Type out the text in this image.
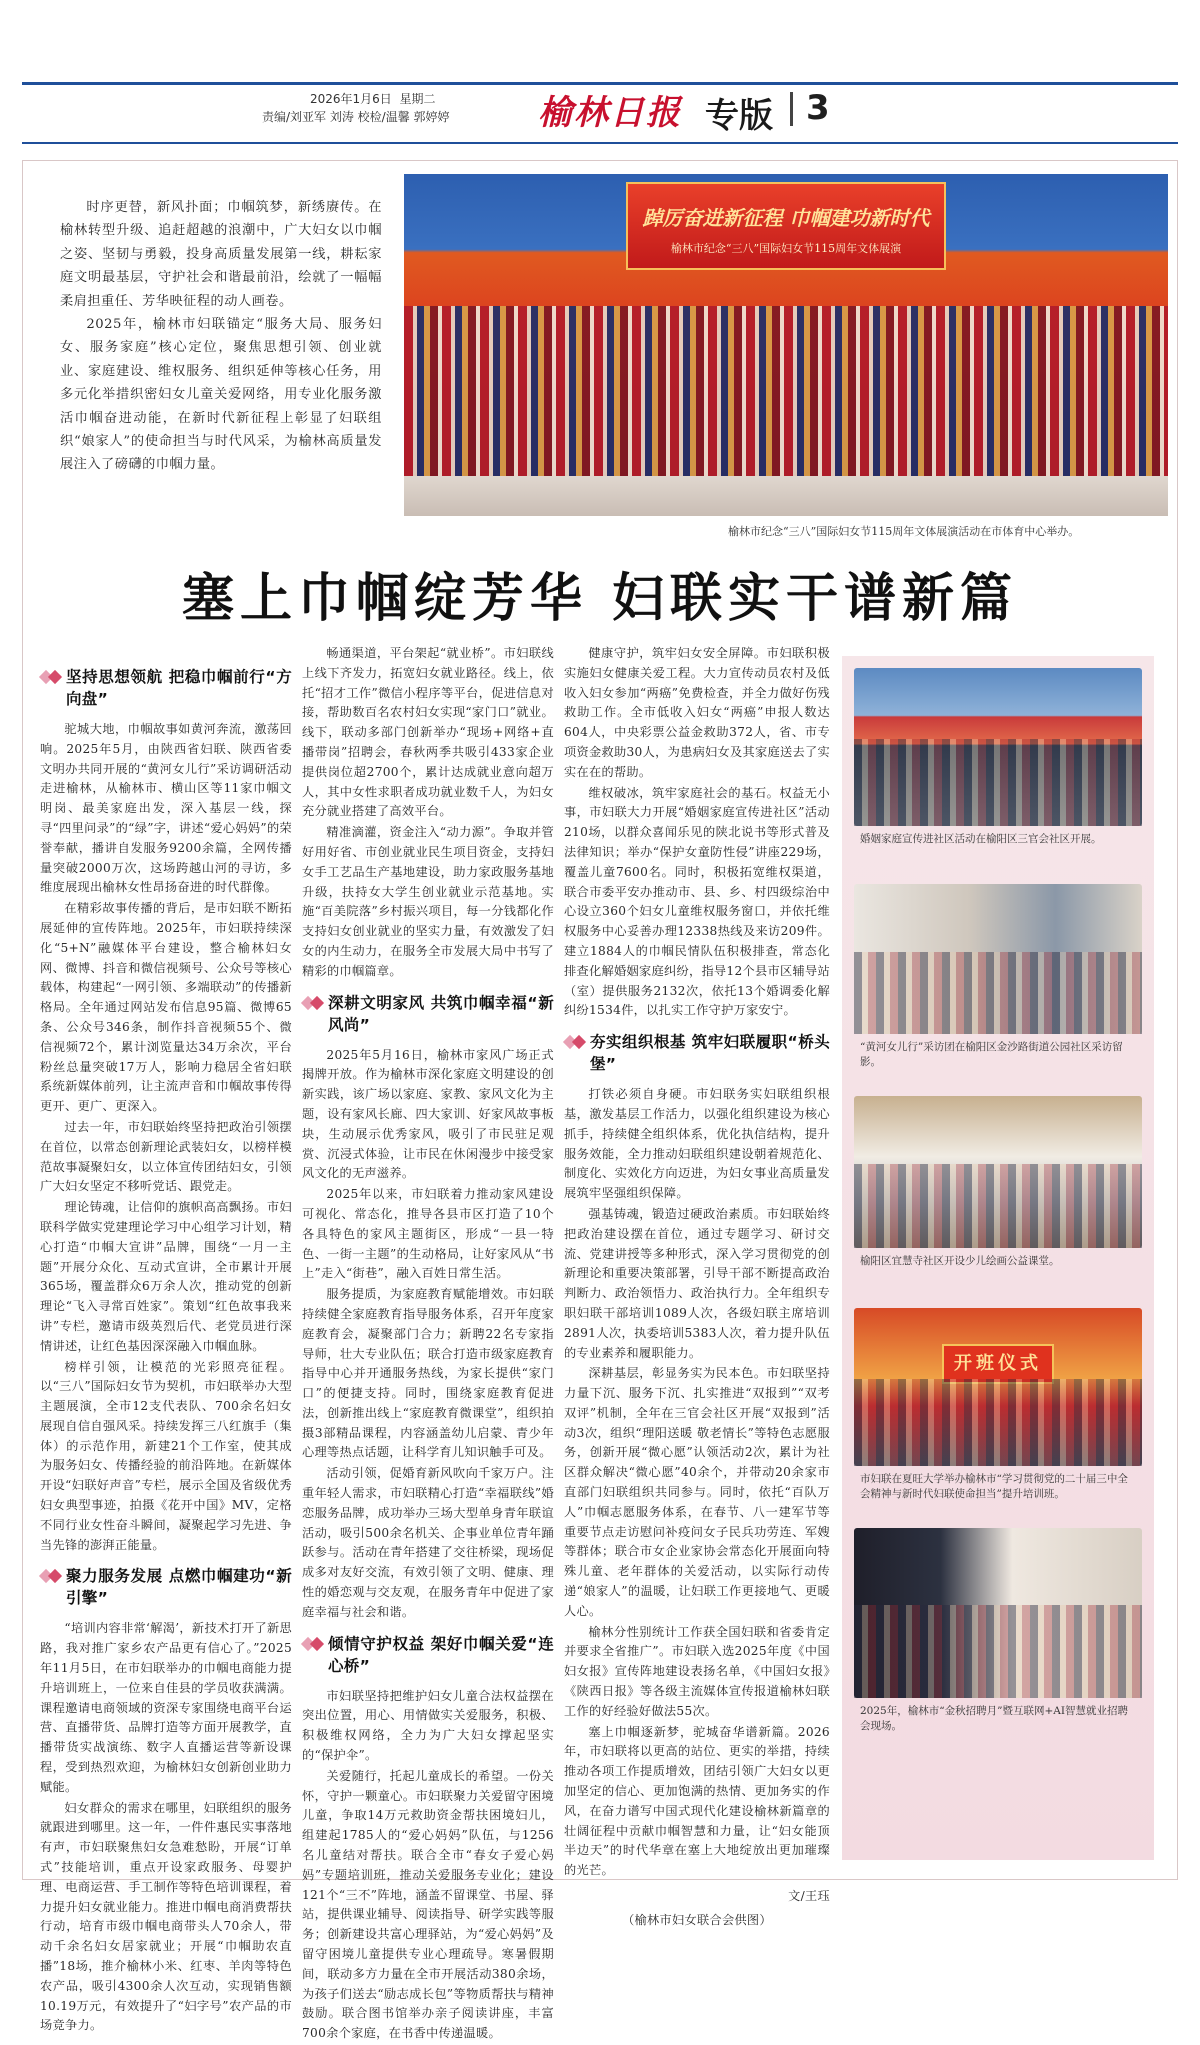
2026年1月6日 星期二
责编/刘亚军 刘涛 校检/温馨 郭婷婷	榆林日报 专版 3

时序更替，新风扑面；巾帼筑梦，新绣赓传。在榆林转型升级、追赶超越的浪潮中，广大妇女以巾帼之姿、坚韧与勇毅，投身高质量发展第一线，耕耘家庭文明最基层，守护社会和谐最前沿，绘就了一幅幅柔肩担重任、芳华映征程的动人画卷。

2025年，榆林市妇联锚定“服务大局、服务妇女、服务家庭”核心定位，聚焦思想引领、创业就业、家庭建设、维权服务、组织延伸等核心任务，用多元化举措织密妇女儿童关爱网络，用专业化服务激活巾帼奋进动能，在新时代新征程上彰显了妇联组织“娘家人”的使命担当与时代风采，为榆林高质量发展注入了磅礴的巾帼力量。

踔厉奋进新征程 巾帼建功新时代
榆林市纪念“三八”国际妇女节115周年文体展演
榆林市纪念“三八”国际妇女节115周年文体展演活动在市体育中心举办。
塞上巾帼绽芳华 妇联实干谱新篇
坚持思想领航 把稳巾帼前行“方向盘”

驼城大地，巾帼故事如黄河奔流，激荡回响。2025年5月，由陕西省妇联、陕西省委文明办共同开展的“黄河女儿行”采访调研活动走进榆林，从榆林市、横山区等11家巾帼文明岗、最美家庭出发，深入基层一线，探寻“四里问录”的“绿”字，讲述“爱心妈妈”的荣誉奉献，播讲自发服务9200余篇，全网传播量突破2000万次，这场跨越山河的寻访，多维度展现出榆林女性昂扬奋进的时代群像。

在精彩故事传播的背后，是市妇联不断拓展延伸的宣传阵地。2025年，市妇联持续深化“5+N”融媒体平台建设，整合榆林妇女网、微博、抖音和微信视频号、公众号等核心载体，构建起“一网引领、多端联动”的传播新格局。全年通过网站发布信息95篇、微博65条、公众号346条，制作抖音视频55个、微信视频72个，累计浏览量达34万余次，平台粉丝总量突破17万人，影响力稳居全省妇联系统新媒体前列，让主流声音和巾帼故事传得更开、更广、更深入。

过去一年，市妇联始终坚持把政治引领摆在首位，以常态创新理论武装妇女，以榜样模范故事凝聚妇女，以立体宣传团结妇女，引领广大妇女坚定不移听党话、跟党走。

理论铸魂，让信仰的旗帜高高飘扬。市妇联科学做实党建理论学习中心组学习计划，精心打造“巾帼大宣讲”品牌，围绕“一月一主题”开展分众化、互动式宣讲，全市累计开展365场，覆盖群众6万余人次，推动党的创新理论“飞入寻常百姓家”。策划“红色故事我来讲”专栏，邀请市级英烈后代、老党员进行深情讲述，让红色基因深深融入巾帼血脉。

榜样引领，让模范的光彩照亮征程。以“三八”国际妇女节为契机，市妇联举办大型主题展演，全市12支代表队、700余名妇女展现自信自强风采。持续发挥三八红旗手（集体）的示范作用，新建21个工作室，使其成为服务妇女、传播经验的前沿阵地。在新媒体开设“妇联好声音”专栏，展示全国及省级优秀妇女典型事迹，拍摄《花开中国》MV，定格不同行业女性奋斗瞬间，凝聚起学习先进、争当先锋的澎湃正能量。

聚力服务发展 点燃巾帼建功“新引擎”

“培训内容非常‘解渴’，新技术打开了新思路，我对推广家乡农产品更有信心了。”2025年11月5日，在市妇联举办的巾帼电商能力提升培训班上，一位来自佳县的学员收获满满。课程邀请电商领域的资深专家围绕电商平台运营、直播带货、品牌打造等方面开展教学，直播带货实战演练、数字人直播运营等新设课程，受到热烈欢迎，为榆林妇女创新创业助力赋能。

妇女群众的需求在哪里，妇联组织的服务就跟进到哪里。这一年，一件件惠民实事落地有声，市妇联聚焦妇女急难愁盼，开展“订单式”技能培训，重点开设家政服务、母婴护理、电商运营、手工制作等特色培训课程，着力提升妇女就业能力。推进巾帼电商消费帮扶行动，培育市级巾帼电商带头人70余人，带动千余名妇女居家就业；开展“巾帼助农直播”18场，推介榆林小米、红枣、羊肉等特色农产品，吸引4300余人次互动，实现销售额10.19万元，有效提升了“妇字号”农产品的市场竞争力。

畅通渠道，平台架起“就业桥”。市妇联线上线下齐发力，拓宽妇女就业路径。线上，依托“招才工作”微信小程序等平台，促进信息对接，帮助数百名农村妇女实现“家门口”就业。线下，联动多部门创新举办“现场+网络+直播带岗”招聘会，春秋两季共吸引433家企业提供岗位超2700个，累计达成就业意向超万人，其中女性求职者成功就业数千人，为妇女充分就业搭建了高效平台。

精准滴灌，资金注入“动力源”。争取并管好用好省、市创业就业民生项目资金，支持妇女手工艺品生产基地建设，助力家政服务基地升级，扶持女大学生创业就业示范基地。实施“百美院落”乡村振兴项目，每一分钱都化作支持妇女创业就业的坚实力量，有效激发了妇女的内生动力，在服务全市发展大局中书写了精彩的巾帼篇章。

深耕文明家风 共筑巾帼幸福“新风尚”

2025年5月16日，榆林市家风广场正式揭牌开放。作为榆林市深化家庭文明建设的创新实践，该广场以家庭、家教、家风文化为主题，设有家风长廊、四大家训、好家风故事板块，生动展示优秀家风，吸引了市民驻足观赏、沉浸式体验，让市民在休闲漫步中接受家风文化的无声滋养。

2025年以来，市妇联着力推动家风建设可视化、常态化，推导各县市区打造了10个各具特色的家风主题街区，形成“一县一特色、一街一主题”的生动格局，让好家风从“书上”走入“街巷”，融入百姓日常生活。

服务提质，为家庭教育赋能增效。市妇联持续健全家庭教育指导服务体系，召开年度家庭教育会，凝聚部门合力；新聘22名专家指导师，壮大专业队伍；联合打造市级家庭教育指导中心并开通服务热线，为家长提供“家门口”的便捷支持。同时，围绕家庭教育促进法，创新推出线上“家庭教育微课堂”，组织拍摄3部精品课程，内容涵盖幼儿启蒙、青少年心理等热点话题，让科学育儿知识触手可及。

活动引领，促婚育新风吹向千家万户。注重年轻人需求，市妇联精心打造“幸福联线”婚恋服务品牌，成功举办三场大型单身青年联谊活动，吸引500余名机关、企事业单位青年踊跃参与。活动在青年搭建了交往桥梁，现场促成多对友好交流，有效引领了文明、健康、理性的婚恋观与交友观，在服务青年中促进了家庭幸福与社会和谐。

倾情守护权益 架好巾帼关爱“连心桥”

市妇联坚持把维护妇女儿童合法权益摆在突出位置，用心、用情做实关爱服务，积极、积极维权网络，全力为广大妇女撑起坚实的“保护伞”。

关爱随行，托起儿童成长的希望。一份关怀，守护一颗童心。市妇联聚力关爱留守困境儿童，争取14万元救助资金帮扶困境妇儿，组建起1785人的“爱心妈妈”队伍，与1256名儿童结对帮扶。联合全市“春女子爱心妈妈”专题培训班，推动关爱服务专业化；建设121个“三不”阵地，涵盖不留课堂、书屋、驿站，提供课业辅导、阅读指导、研学实践等服务；创新建设共富心理驿站，为“爱心妈妈”及留守困境儿童提供专业心理疏导。寒暑假期间，联动多方力量在全市开展活动380余场，为孩子们送去“励志成长包”等物质帮扶与精神鼓励。联合图书馆举办亲子阅读讲座，丰富700余个家庭，在书香中传递温暖。

健康守护，筑牢妇女安全屏障。市妇联积极实施妇女健康关爱工程。大力宣传动员农村及低收入妇女参加“两癌”免费检查，并全力做好伤残救助工作。全市低收入妇女“两癌”申报人数达604人，中央彩票公益金救助372人，省、市专项资金救助30人，为患病妇女及其家庭送去了实实在在的帮助。

维权破冰，筑牢家庭社会的基石。权益无小事，市妇联大力开展“婚姻家庭宣传进社区”活动210场，以群众喜闻乐见的陕北说书等形式普及法律知识；举办“保护女童防性侵”讲座229场，覆盖儿童7600名。同时，积极拓宽维权渠道，联合市委平安办推动市、县、乡、村四级综治中心设立360个妇女儿童维权服务窗口，并依托维权服务中心妥善办理12338热线及来访209件。建立1884人的巾帼民情队伍积极排查，常态化排查化解婚姻家庭纠纷，指导12个县市区辅导站（室）提供服务2132次，依托13个婚调委化解纠纷1534件，以扎实工作守护万家安宁。

夯实组织根基 筑牢妇联履职“桥头堡”

打铁必须自身硬。市妇联务实妇联组织根基，激发基层工作活力，以强化组织建设为核心抓手，持续健全组织体系，优化执信结构，提升服务效能，全力推动妇联组织建设朝着规范化、制度化、实效化方向迈进，为妇女事业高质量发展筑牢坚强组织保障。

强基铸魂，锻造过硬政治素质。市妇联始终把政治建设摆在首位，通过专题学习、研讨交流、党建讲授等多种形式，深入学习贯彻党的创新理论和重要决策部署，引导干部不断提高政治判断力、政治领悟力、政治执行力。全年组织专职妇联干部培训1089人次，各级妇联主席培训2891人次，执委培训5383人次，着力提升队伍的专业素养和履职能力。

深耕基层，彰显务实为民本色。市妇联坚持力量下沉、服务下沉、扎实推进“双报到”“双考双评”机制，全年在三官会社区开展“双报到”活动3次，组织“理阳送暖 敬老情长”等特色志愿服务，创新开展“微心愿”认领活动2次，累计为社区群众解决“微心愿”40余个，并带动20余家市直部门妇联组织共同参与。同时，依托“百队万人”巾帼志愿服务体系，在春节、八一建军节等重要节点走访慰问补疫问女子民兵功劳连、军嫂等群体；联合市女企业家协会常态化开展面向特殊儿童、老年群体的关爱活动，以实际行动传递“娘家人”的温暖，让妇联工作更接地气、更暖人心。

榆林分性别统计工作获全国妇联和省委肯定并要求全省推广”。市妇联入选2025年度《中国妇女报》宣传阵地建设表扬名单，《中国妇女报》《陕西日报》等各级主流媒体宣传报道榆林妇联工作的好经验好做法55次。

塞上巾帼逐新梦，驼城奋华谱新篇。2026年，市妇联将以更高的站位、更实的举措，持续推动各项工作提质增效，团结引领广大妇女以更加坚定的信心、更加饱满的热情、更加务实的作风，在奋力谱写中国式现代化建设榆林新篇章的壮阔征程中贡献巾帼智慧和力量，让“妇女能顶半边天”的时代华章在塞上大地绽放出更加璀璨的光芒。

文/王珏
（榆林市妇女联合会供图）
婚姻家庭宣传进社区活动在榆阳区三官会社区开展。
“黄河女儿行”采访团在榆阳区金沙路街道公园社区采访留影。
榆阳区宜慧寺社区开设少儿绘画公益课堂。
开班仪式
市妇联在夏旺大学举办榆林市“学习贯彻党的二十届三中全会精神与新时代妇联使命担当”提升培训班。
2025年，榆林市“金秋招聘月”暨互联网+AI智慧就业招聘会现场。
